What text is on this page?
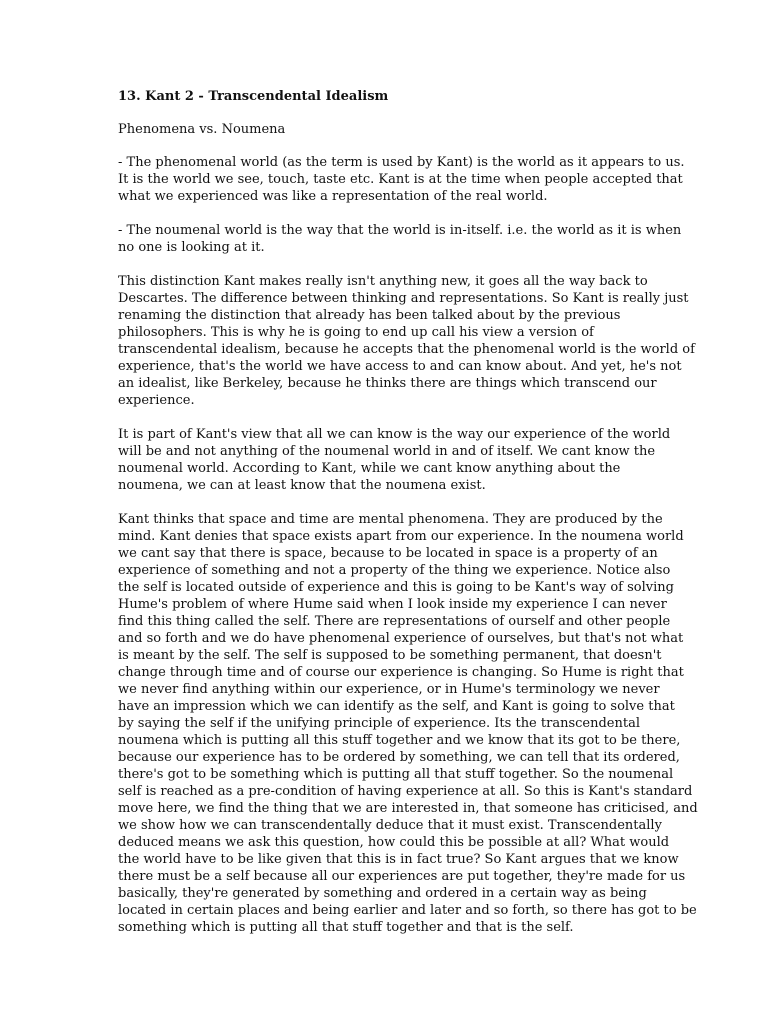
13. Kant 2 - Transcendental Idealism
Phenomena vs. Noumena
- The phenomenal world (as the term is used by Kant) is the world as it appears to us.
It is the world we see, touch, taste etc. Kant is at the time when people accepted that
what we experienced was like a representation of the real world.
- The noumenal world is the way that the world is in-itself. i.e. the world as it is when
no one is looking at it.
This distinction Kant makes really isn't anything new, it goes all the way back to
Descartes. The difference between thinking and representations. So Kant is really just
renaming the distinction that already has been talked about by the previous
philosophers. This is why he is going to end up call his view a version of
transcendental idealism, because he accepts that the phenomenal world is the world of
experience, that's the world we have access to and can know about. And yet, he's not
an idealist, like Berkeley, because he thinks there are things which transcend our
experience.
It is part of Kant's view that all we can know is the way our experience of the world
will be and not anything of the noumenal world in and of itself. We cant know the
noumenal world. According to Kant, while we cant know anything about the
noumena, we can at least know that the noumena exist.
Kant thinks that space and time are mental phenomena. They are produced by the
mind. Kant denies that space exists apart from our experience. In the noumena world
we cant say that there is space, because to be located in space is a property of an
experience of something and not a property of the thing we experience. Notice also
the self is located outside of experience and this is going to be Kant's way of solving
Hume's problem of where Hume said when I look inside my experience I can never
find this thing called the self. There are representations of ourself and other people
and so forth and we do have phenomenal experience of ourselves, but that's not what
is meant by the self. The self is supposed to be something permanent, that doesn't
change through time and of course our experience is changing. So Hume is right that
we never find anything within our experience, or in Hume's terminology we never
have an impression which we can identify as the self, and Kant is going to solve that
by saying the self if the unifying principle of experience. Its the transcendental
noumena which is putting all this stuff together and we know that its got to be there,
because our experience has to be ordered by something, we can tell that its ordered,
there's got to be something which is putting all that stuff together. So the noumenal
self is reached as a pre-condition of having experience at all. So this is Kant's standard
move here, we find the thing that we are interested in, that someone has criticised, and
we show how we can transcendentally deduce that it must exist. Transcendentally
deduced means we ask this question, how could this be possible at all? What would
the world have to be like given that this is in fact true? So Kant argues that we know
there must be a self because all our experiences are put together, they're made for us
basically, they're generated by something and ordered in a certain way as being
located in certain places and being earlier and later and so forth, so there has got to be
something which is putting all that stuff together and that is the self.
